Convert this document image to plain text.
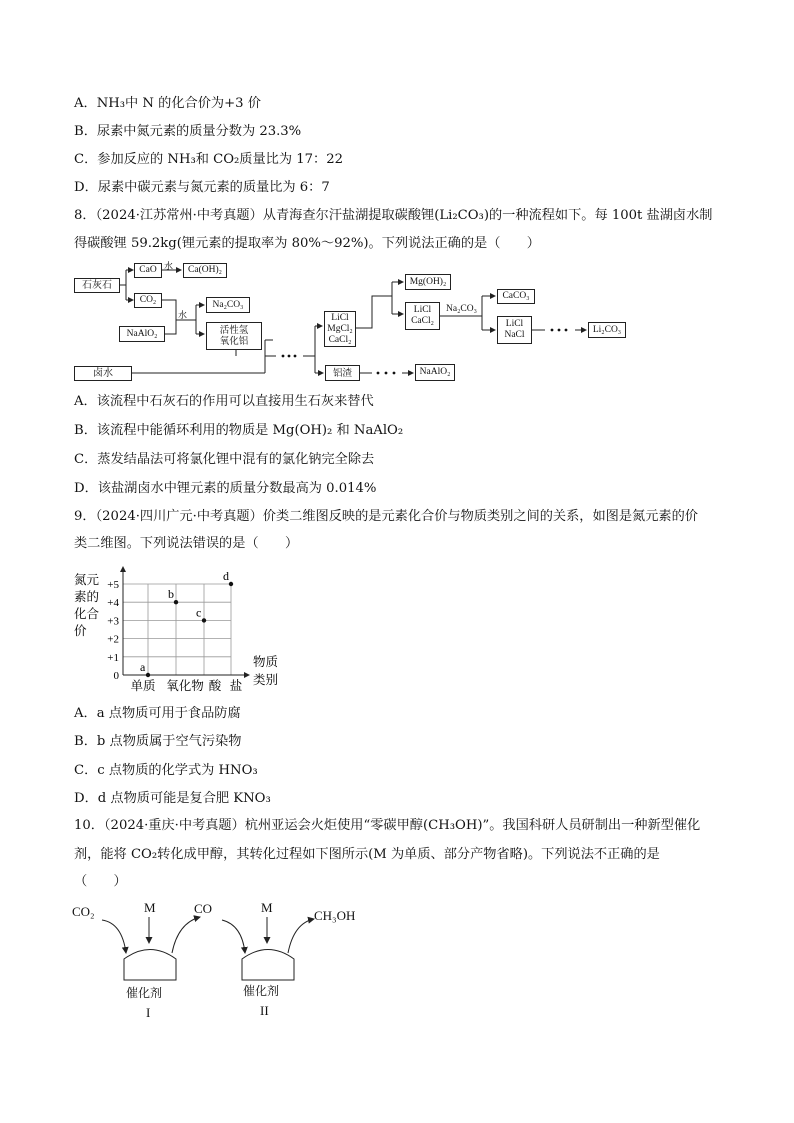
A．NH₃中 N 的化合价为+3 价
B．尿素中氮元素的质量分数为 23.3%
C．参加反应的 NH₃和 CO₂质量比为 17：22
D．尿素中碳元素与氮元素的质量比为 6：7
8．（2024·江苏常州·中考真题）从青海查尔汗盐湖提取碳酸锂(Li₂CO₃)的一种流程如下。每 100t 盐湖卤水制
得碳酸锂 59.2kg(锂元素的提取率为 80%～92%)。下列说法正确的是（　　）
石灰石
CaO 水	Ca(OH)₂
CO₂
NaAlO₂
水
Na₂CO₃
活性氢
氧化铝
卤水
LiCl
MgCl₂
CaCl₂
Mg(OH)₂
LiCl
CaCl₂
Na₂CO₃
CaCO₃
LiCl
NaCl
Li₂CO₃
铝渣	NaAlO₂
A．该流程中石灰石的作用可以直接用生石灰来替代
B．该流程中能循环利用的物质是 Mg(OH)₂ 和 NaAlO₂
C．蒸发结晶法可将氯化锂中混有的氯化钠完全除去
D．该盐湖卤水中锂元素的质量分数最高为 0.014%
9．（2024·四川广元·中考真题）价类二维图反映的是元素化合价与物质类别之间的关系，如图是氮元素的价
类二维图。下列说法错误的是（　　）
0
+1
+2
+3
+4
+5
氮元
素的
化合
价
物质
类别
单质 氧化物 酸 盐
a
b
c
d
A．a 点物质可用于食品防腐
B．b 点物质属于空气污染物
C．c 点物质的化学式为 HNO₃
D．d 点物质可能是复合肥 KNO₃
10．（2024·重庆·中考真题）杭州亚运会火炬使用“零碳甲醇(CH₃OH)”。我国科研人员研制出一种新型催化
剂，能将 CO₂转化成甲醇，其转化过程如下图所示(M 为单质、部分产物省略)。下列说法不正确的是
（　　）
CO₂	M	CO	M
CH₃OH
催化剂	催化剂
I	II
